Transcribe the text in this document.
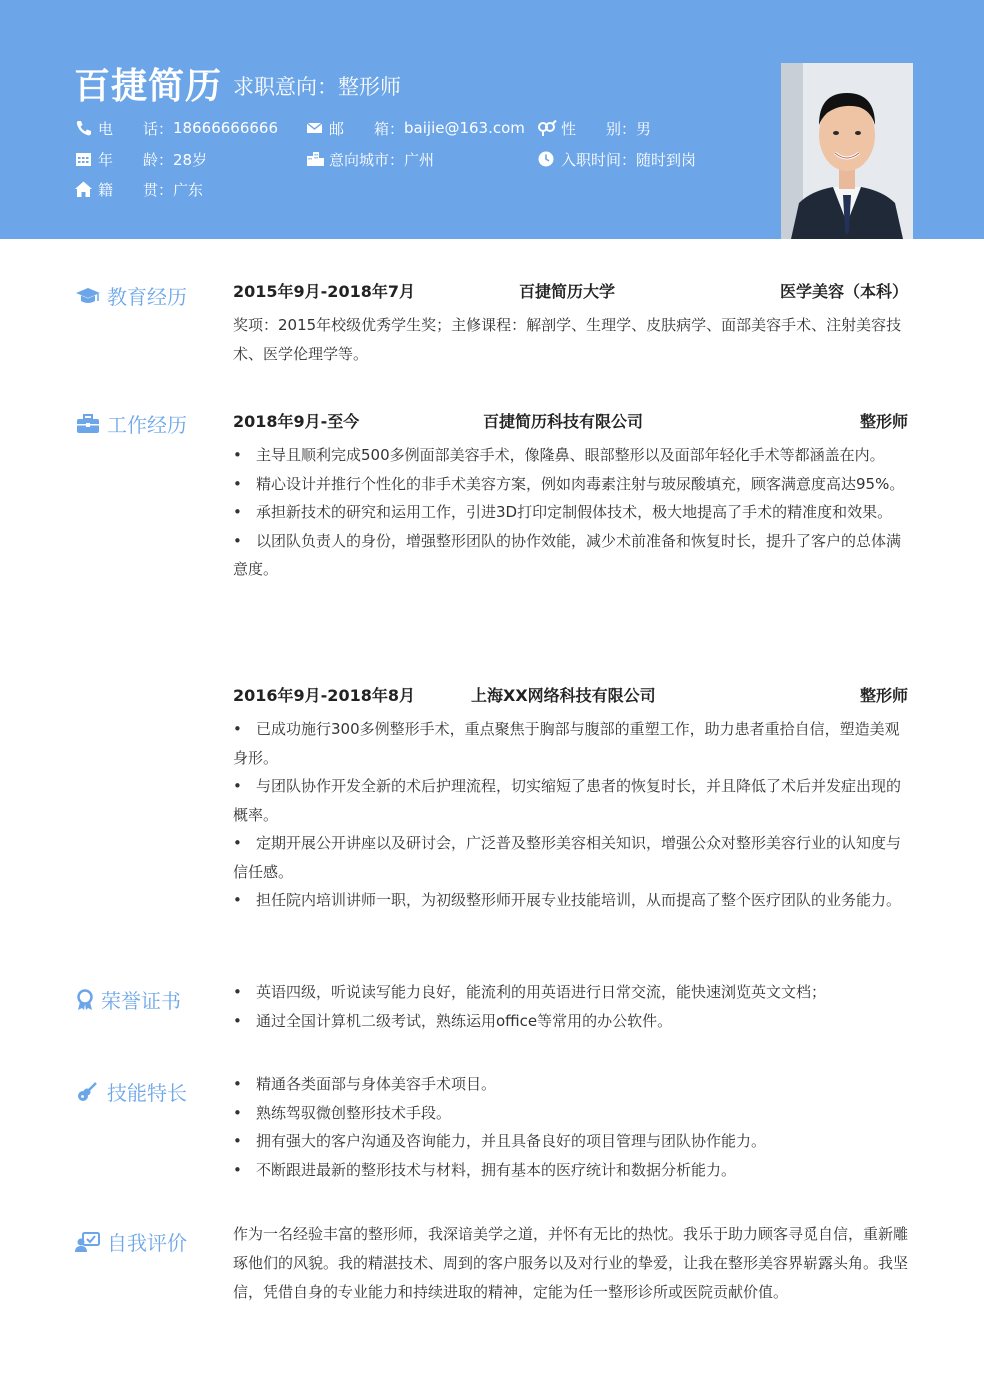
百捷简历 求职意向：整形师
电　　话： 18666666666	邮　　箱： baijie@163.com 性　　别： 男
年　　龄： 28岁	意向城市： 广州	入职时间： 随时到岗
籍　　贯： 广东
教育经历	2015年9月-2018年7月	百捷简历大学	医学美容（本科）
奖项：2015年校级优秀学生奖；主修课程：解剖学、生理学、皮肤病学、面部美容手术、注射美容技术、医学伦理学等。
工作经历	2018年9月-至今	百捷简历科技有限公司	整形师
• 主导且顺利完成500多例面部美容手术，像隆鼻、眼部整形以及面部年轻化手术等都涵盖在内。
• 精心设计并推行个性化的非手术美容方案，例如肉毒素注射与玻尿酸填充，顾客满意度高达95%。
• 承担新技术的研究和运用工作，引进3D打印定制假体技术，极大地提高了手术的精准度和效果。
• 以团队负责人的身份，增强整形团队的协作效能，减少术前准备和恢复时长，提升了客户的总体满意度。
2016年9月-2018年8月	上海XX网络科技有限公司	整形师
• 已成功施行300多例整形手术，重点聚焦于胸部与腹部的重塑工作，助力患者重拾自信，塑造美观身形。
• 与团队协作开发全新的术后护理流程，切实缩短了患者的恢复时长，并且降低了术后并发症出现的概率。
• 定期开展公开讲座以及研讨会，广泛普及整形美容相关知识，增强公众对整形美容行业的认知度与信任感。
• 担任院内培训讲师一职，为初级整形师开展专业技能培训，从而提高了整个医疗团队的业务能力。
荣誉证书	• 英语四级，听说读写能力良好，能流利的用英语进行日常交流，能快速浏览英文文档；
• 通过全国计算机二级考试，熟练运用office等常用的办公软件。
技能特长	• 精通各类面部与身体美容手术项目。
• 熟练驾驭微创整形技术手段。
• 拥有强大的客户沟通及咨询能力，并且具备良好的项目管理与团队协作能力。
• 不断跟进最新的整形技术与材料，拥有基本的医疗统计和数据分析能力。
自我评价	作为一名经验丰富的整形师，我深谙美学之道，并怀有无比的热忱。我乐于助力顾客寻觅自信，重新雕琢他们的风貌。我的精湛技术、周到的客户服务以及对行业的挚爱，让我在整形美容界崭露头角。我坚信，凭借自身的专业能力和持续进取的精神，定能为任一整形诊所或医院贡献价值。
